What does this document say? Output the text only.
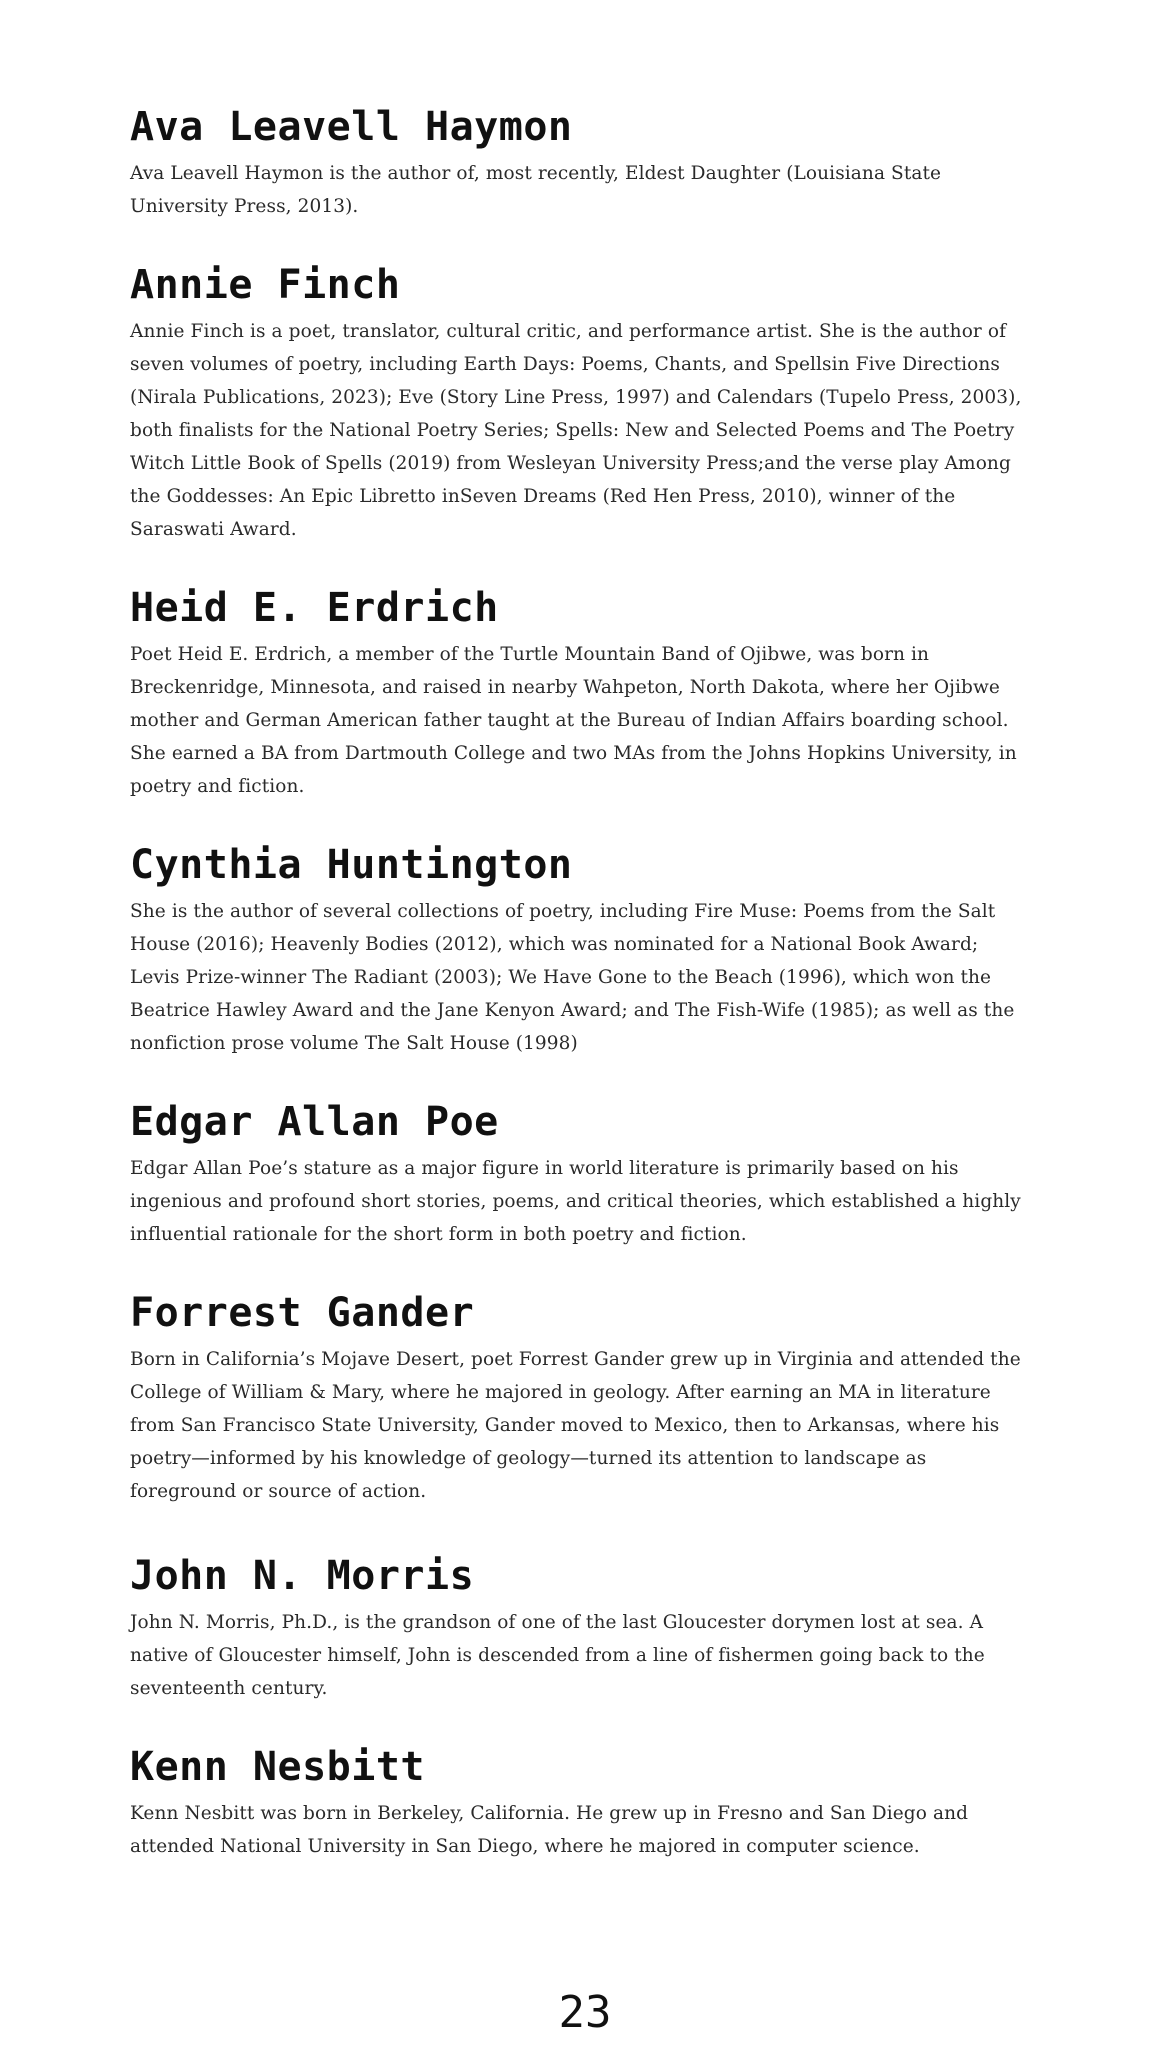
Ava Leavell Haymon

Ava Leavell Haymon is the author of, most recently, Eldest Daughter (Louisiana State University Press, 2013).

Annie Finch

Annie Finch is a poet, translator, cultural critic, and performance artist. She is the author of seven volumes of poetry, including Earth Days: Poems, Chants, and Spellsin Five Directions (Nirala Publications, 2023); Eve (Story Line Press, 1997) and Calendars (Tupelo Press, 2003), both finalists for the National Poetry Series; Spells: New and Selected Poems and The Poetry Witch Little Book of Spells (2019) from Wesleyan University Press;and the verse play Among the Goddesses: An Epic Libretto inSeven Dreams (Red Hen Press, 2010), winner of the Saraswati Award.

Heid E. Erdrich

Poet Heid E. Erdrich, a member of the Turtle Mountain Band of Ojibwe, was born in Breckenridge, Minnesota, and raised in nearby Wahpeton, North Dakota, where her Ojibwe mother and German American father taught at the Bureau of Indian Affairs boarding school. She earned a BA from Dartmouth College and two MAs from the Johns Hopkins University, in poetry and fiction.

Cynthia Huntington

She is the author of several collections of poetry, including Fire Muse: Poems from the Salt House (2016); Heavenly Bodies (2012), which was nominated for a National Book Award; Levis Prize-winner The Radiant (2003); We Have Gone to the Beach (1996), which won the Beatrice Hawley Award and the Jane Kenyon Award; and The Fish-Wife (1985); as well as the nonfiction prose volume The Salt House (1998)

Edgar Allan Poe

Edgar Allan Poe’s stature as a major figure in world literature is primarily based on his ingenious and profound short stories, poems, and critical theories, which established a highly influential rationale for the short form in both poetry and fiction.

Forrest Gander

Born in California’s Mojave Desert, poet Forrest Gander grew up in Virginia and attended the College of William & Mary, where he majored in geology. After earning an MA in literature from San Francisco State University, Gander moved to Mexico, then to Arkansas, where his poetry—informed by his knowledge of geology—turned its attention to landscape as foreground or source of action.

John N. Morris

John N. Morris, Ph.D., is the grandson of one of the last Gloucester dorymen lost at sea. A native of Gloucester himself, John is descended from a line of fishermen going back to the seventeenth century.

Kenn Nesbitt

Kenn Nesbitt was born in Berkeley, California. He grew up in Fresno and San Diego and attended National University in San Diego, where he majored in computer science.

23
